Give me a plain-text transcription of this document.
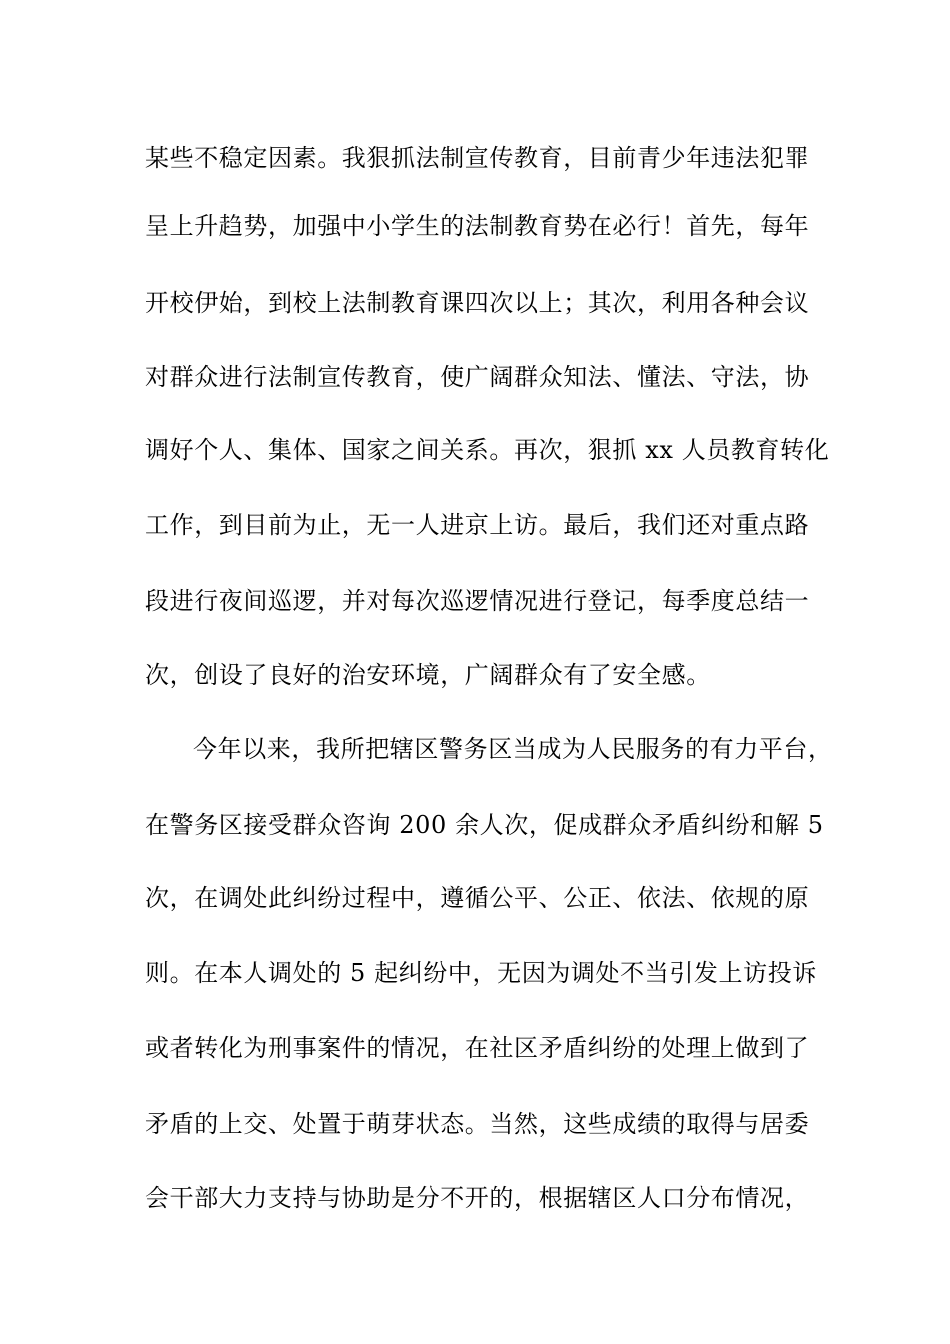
某些不稳定因素。我狠抓法制宣传教育，目前青少年违法犯罪
呈上升趋势，加强中小学生的法制教育势在必行！首先，每年
开校伊始，到校上法制教育课四次以上；其次，利用各种会议
对群众进行法制宣传教育，使广阔群众知法、懂法、守法，协
调好个人、集体、国家之间关系。再次，狠抓 xx 人员教育转化
工作，到目前为止，无一人进京上访。最后，我们还对重点路
段进行夜间巡逻，并对每次巡逻情况进行登记，每季度总结一
次，创设了良好的治安环境，广阔群众有了安全感。
今年以来，我所把辖区警务区当成为人民服务的有力平台，
在警务区接受群众咨询 200 余人次，促成群众矛盾纠纷和解 5
次，在调处此纠纷过程中，遵循公平、公正、依法、依规的原
则。在本人调处的 5 起纠纷中，无因为调处不当引发上访投诉
或者转化为刑事案件的情况，在社区矛盾纠纷的处理上做到了
矛盾的上交、处置于萌芽状态。当然，这些成绩的取得与居委
会干部大力支持与协助是分不开的，根据辖区人口分布情况，
